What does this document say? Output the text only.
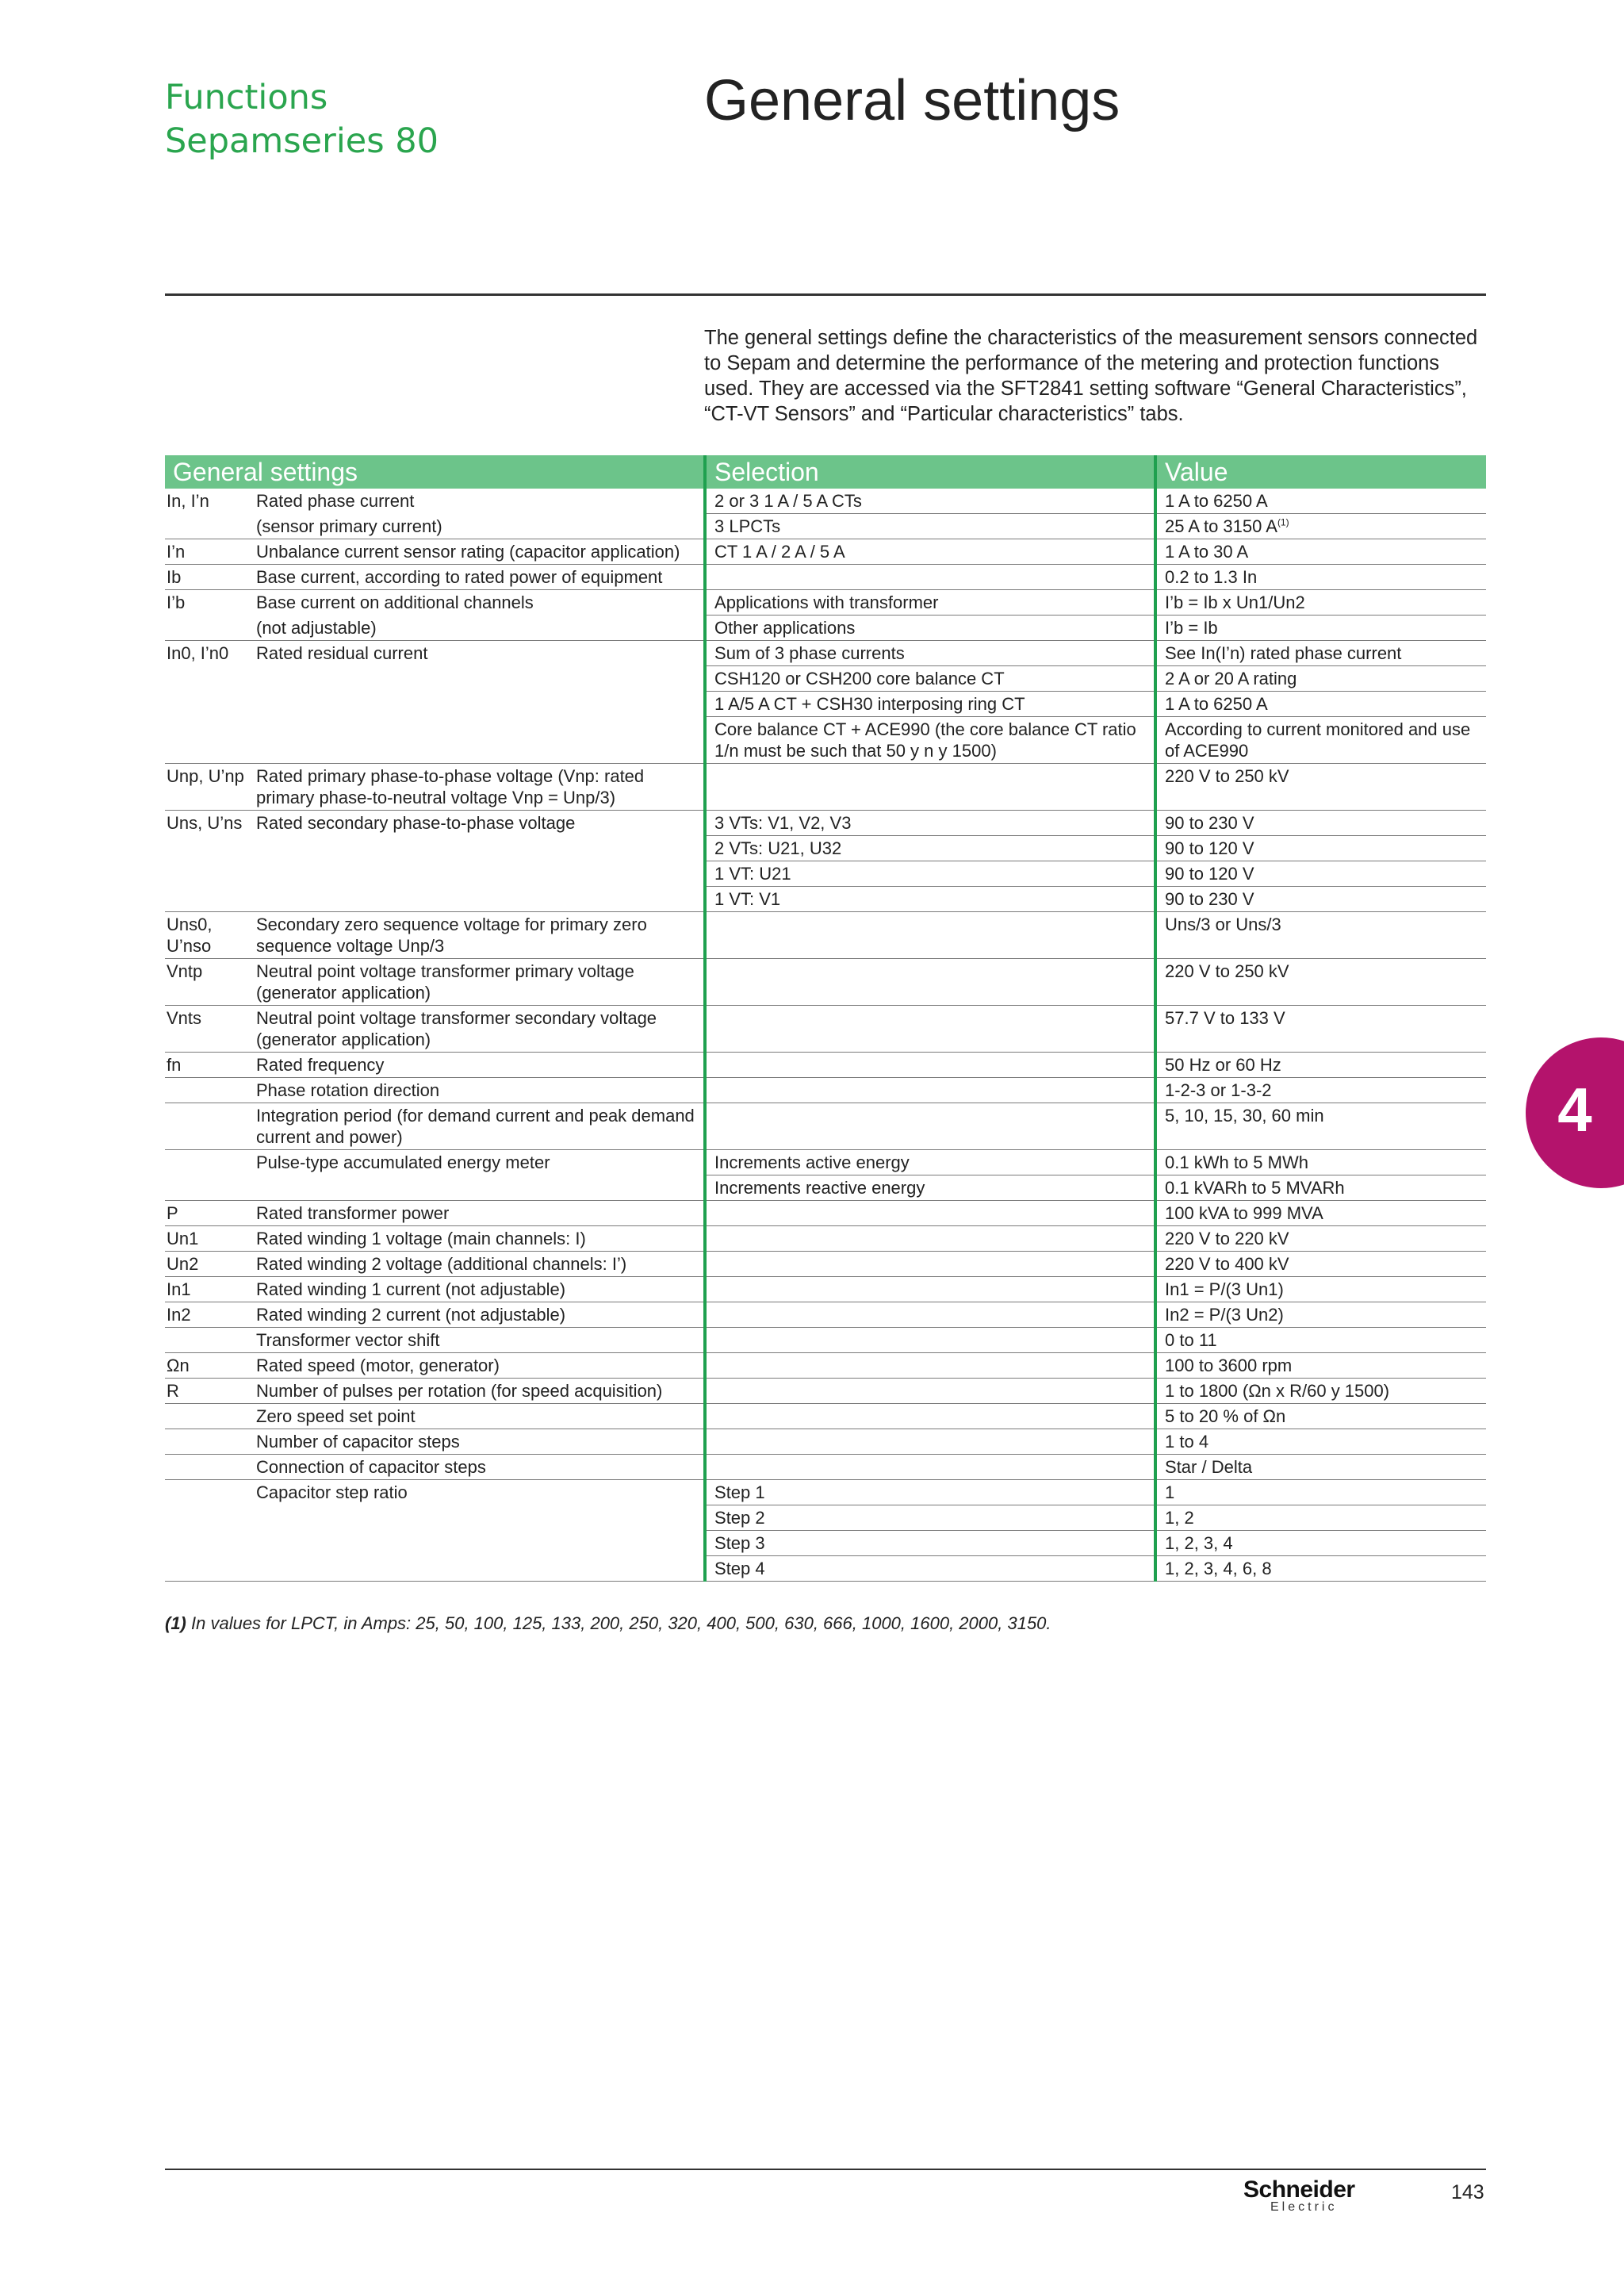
Functions
Sepamseries 80
General settings
The general settings define the characteristics of the measurement sensors connected to Sepam and determine the performance of the metering and protection functions used. They are accessed via the SFT2841 setting software “General Characteristics”, “CT-VT Sensors” and “Particular characteristics” tabs.
General settings		Selection	Value
In, I’n	Rated phase current	2 or 3 1 A / 5 A CTs	1 A to 6250 A
	(sensor primary current)	3 LPCTs	25 A to 3150 $A^{(1)}$
I’n	Unbalance current sensor rating (capacitor application)	CT 1 A / 2 A / 5 A	1 A to 30 A
Ib	Base current, according to rated power of equipment		0.2 to 1.3 In
I’b	Base current on additional channels	Applications with transformer	I’b = Ib x Un1/Un2
	(not adjustable)	Other applications	I’b = Ib
In0, I’n0	Rated residual current	Sum of 3 phase currents	See In(I’n) rated phase current
		CSH120 or CSH200 core balance CT	2 A or 20 A rating
		1 A/5 A CT + CSH30 interposing ring CT	1 A to 6250 A
		Core balance CT + ACE990 (the core balance CT ratio 1/n must be such that 50 y n y 1500)	According to current monitored and use of ACE990
Unp, U’np	Rated primary phase-to-phase voltage (Vnp: rated primary phase-to-neutral voltage Vnp = Unp/3)		220 V to 250 kV
Uns, U’ns	Rated secondary phase-to-phase voltage	3 VTs: V1, V2, V3	90 to 230 V
		2 VTs: U21, U32	90 to 120 V
		1 VT: U21	90 to 120 V
		1 VT: V1	90 to 230 V
Uns0, U’nso	Secondary zero sequence voltage for primary zero sequence voltage Unp/3		Uns/3 or Uns/3
Vntp	Neutral point voltage transformer primary voltage (generator application)		220 V to 250 kV
Vnts	Neutral point voltage transformer secondary voltage (generator application)		57.7 V to 133 V
fn	Rated frequency		50 Hz or 60 Hz
	Phase rotation direction		1-2-3 or 1-3-2
	Integration period (for demand current and peak demand current and power)		5, 10, 15, 30, 60 min
	Pulse-type accumulated energy meter	Increments active energy	0.1 kWh to 5 MWh
		Increments reactive energy	0.1 kVARh to 5 MVARh
P	Rated transformer power		100 kVA to 999 MVA
Un1	Rated winding 1 voltage (main channels: I)		220 V to 220 kV
Un2	Rated winding 2 voltage (additional channels: I’)		220 V to 400 kV
In1	Rated winding 1 current (not adjustable)		In1 = P/(3 Un1)
In2	Rated winding 2 current (not adjustable)		In2 = P/(3 Un2)
	Transformer vector shift		0 to 11
Ωn	Rated speed (motor, generator)		100 to 3600 rpm
R	Number of pulses per rotation (for speed acquisition)		1 to 1800 (Ωn x R/60 y 1500)
	Zero speed set point		5 to 20 % of Ωn
	Number of capacitor steps		1 to 4
	Connection of capacitor steps		Star / Delta
	Capacitor step ratio	Step 1	1
		Step 2	1, 2
		Step 3	1, 2, 3, 4
		Step 4	1, 2, 3, 4, 6, 8
(1) In values for LPCT, in Amps: 25, 50, 100, 125, 133, 200, 250, 320, 400, 500, 630, 666, 1000, 1600, 2000, 3150.
4
Schneider
Electric
143
